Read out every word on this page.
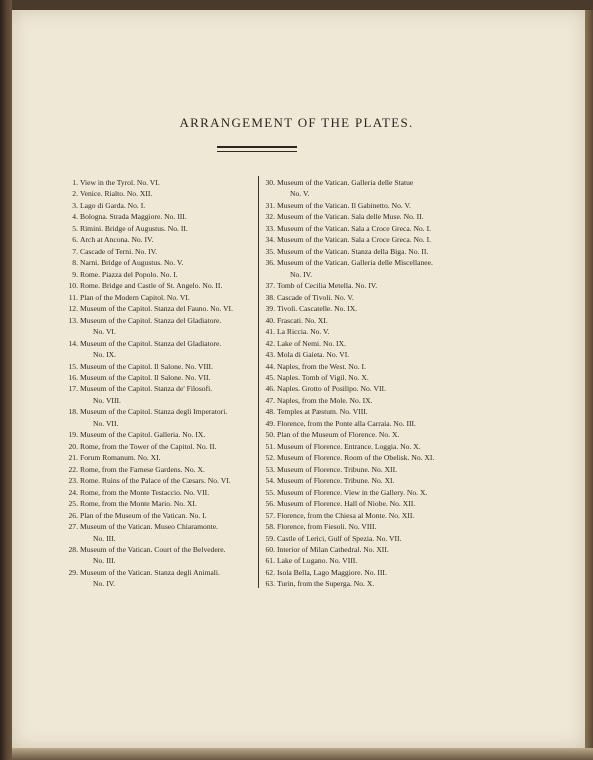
ARRANGEMENT OF THE PLATES.
1. View in the Tyrol. No. VI.
2. Venice. Rialto. No. XII.
3. Lago di Garda. No. I.
4. Bologna. Strada Maggiore. No. III.
5. Rimini. Bridge of Augustus. No. II.
6. Arch at Ancona. No. IV.
7. Cascade of Terni. No. IV.
8. Narni. Bridge of Augustus. No. V.
9. Rome. Piazza del Popolo. No. I.
10. Rome. Bridge and Castle of St. Angelo. No. II.
11. Plan of the Modern Capitol. No. VI.
12. Museum of the Capitol. Stanza del Fauno. No. VI.
13. Museum of the Capitol. Stanza del Gladiatore.
No. VI.
14. Museum of the Capitol. Stanza del Gladiatore.
No. IX.
15. Museum of the Capitol. Il Salone. No. VIII.
16. Museum of the Capitol. Il Salone. No. VII.
17. Museum of the Capitol. Stanza de' Filosofi.
No. VIII.
18. Museum of the Capitol. Stanza degli Imperatori.
No. VII.
19. Museum of the Capitol. Galleria. No. IX.
20. Rome, from the Tower of the Capitol. No. II.
21. Forum Romanum. No. XI.
22. Rome, from the Farnese Gardens. No. X.
23. Rome. Ruins of the Palace of the Cæsars. No. VI.
24. Rome, from the Monte Testaccio. No. VII.
25. Rome, from the Monte Mario. No. XI.
26. Plan of the Museum of the Vatican. No. I.
27. Museum of the Vatican. Museo Chiaramonte.
No. III.
28. Museum of the Vatican. Court of the Belvedere.
No. III.
29. Museum of the Vatican. Stanza degli Animali.
No. IV.
30. Museum of the Vatican. Galleria delle Statue
No. V.
31. Museum of the Vatican. Il Gabinetto. No. V.
32. Museum of the Vatican. Sala delle Muse. No. II.
33. Museum of the Vatican. Sala a Croce Greca. No. I.
34. Museum of the Vatican. Sala a Croce Greca. No. I.
35. Museum of the Vatican. Stanza della Biga. No. II.
36. Museum of the Vatican. Galleria delle Miscellanee.
No. IV.
37. Tomb of Cecilia Metella. No. IV.
38. Cascade of Tivoli. No. V.
39. Tivoli. Cascatelle. No. IX.
40. Frascati. No. XI.
41. La Riccia. No. V.
42. Lake of Nemi. No. IX.
43. Mola di Gaieta. No. VI.
44. Naples, from the West. No. I.
45. Naples. Tomb of Vigil. No. X.
46. Naples. Grotto of Posilipo. No. VII.
47. Naples, from the Mole. No. IX.
48. Temples at Pæstum. No. VIII.
49. Florence, from the Ponte alla Carraia. No. III.
50. Plan of the Museum of Florence. No. X.
51. Museum of Florence. Entrance. Loggia. No. X.
52. Museum of Florence. Room of the Obelisk. No. XI.
53. Museum of Florence. Tribune. No. XII.
54. Museum of Florence. Tribune. No. XI.
55. Museum of Florence. View in the Gallery. No. X.
56. Museum of Florence. Hall of Niobe. No. XII.
57. Florence, from the Chiesa al Monte. No. XII.
58. Florence, from Fiesoli. No. VIII.
59. Castle of Lerici, Gulf of Spezia. No. VII.
60. Interior of Milan Cathedral. No. XII.
61. Lake of Lugano. No. VIII.
62. Isola Bella, Lago Maggiore. No. III.
63. Turin, from the Superga. No. X.
